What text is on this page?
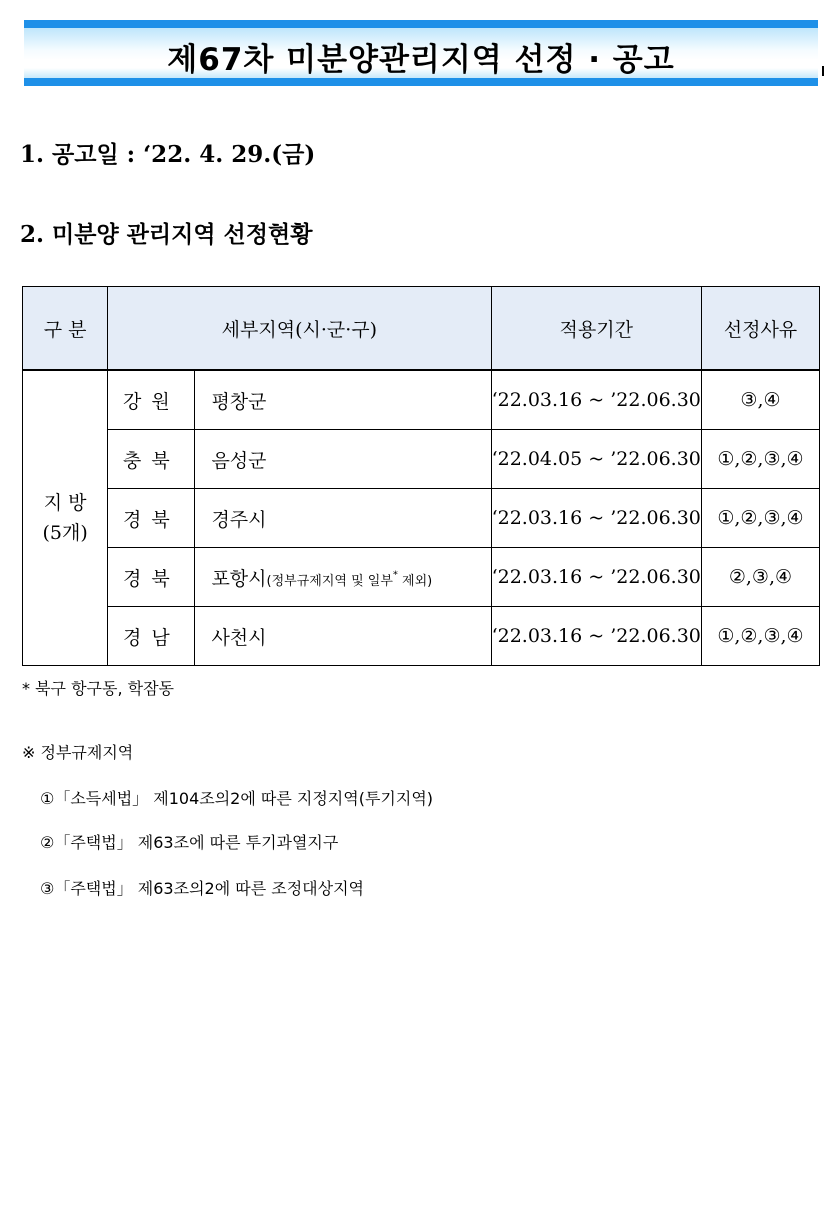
제67차 미분양관리지역 선정 · 공고
1. 공고일 : ‘22. 4. 29.(금)
2. 미분양 관리지역 선정현황
구 분	세부지역(시·군·구)		적용기간	선정사유

지 방
(5개)	강원	평창군	‘22.03.16 ~ ’22.06.30	③,④
	충북	음성군	‘22.04.05 ~ ’22.06.30	①,②,③,④
	경북	경주시	‘22.03.16 ~ ’22.06.30	①,②,③,④
	경북	포항시(정부규제지역 및 일부* 제외)	‘22.03.16 ~ ’22.06.30	②,③,④
	경남	사천시	‘22.03.16 ~ ’22.06.30	①,②,③,④
* 북구 항구동, 학잠동
※ 정부규제지역
①「소득세법」 제104조의2에 따른 지정지역(투기지역)
②「주택법」 제63조에 따른 투기과열지구
③「주택법」 제63조의2에 따른 조정대상지역
